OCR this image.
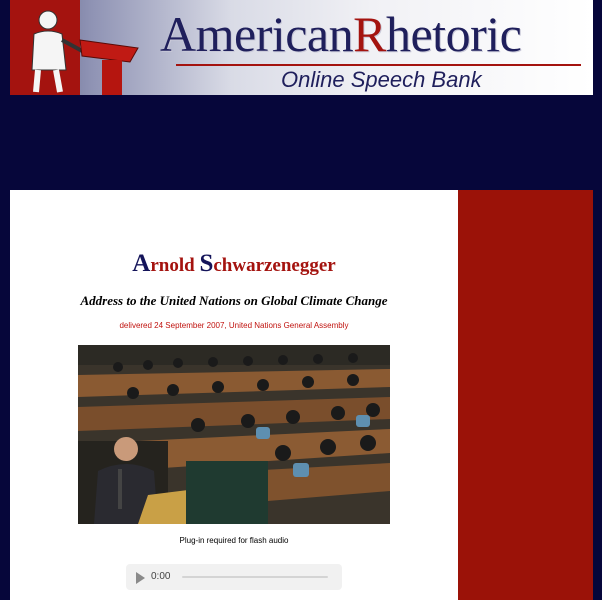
AmericanRhetoric
Online Speech Bank
Arnold Schwarzenegger
Address to the United Nations on Global Climate Change
delivered 24 September 2007, United Nations General Assembly
Plug-in required for flash audio
0:00
